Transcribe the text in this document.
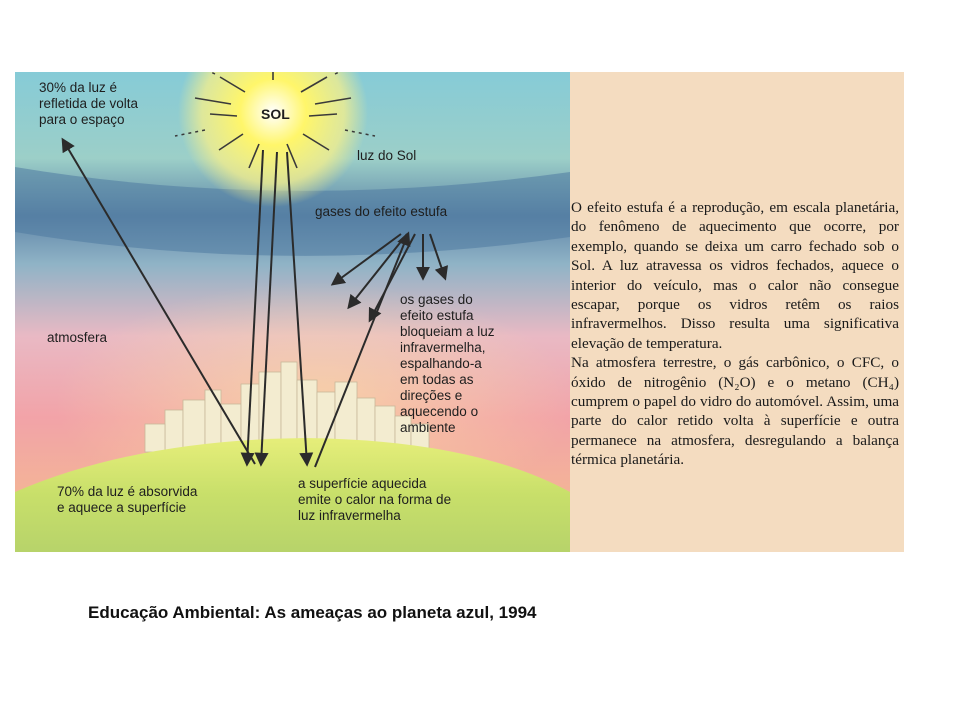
30% da luz é
refletida de volta
para o espaço	SOL
luz do Sol
gases do efeito estufa
atmosfera
os gases do
efeito estufa
bloqueiam a luz
infravermelha,
espalhando-a
em todas as
direções e
aquecendo o
ambiente
70% da luz é absorvida
e aquece a superfície
a superfície aquecida
emite o calor na forma de
luz infravermelha

O efeito estufa é a reprodução, em escala planetária, do fenômeno de aquecimento que ocorre, por exemplo, quando se deixa um carro fechado sob o Sol. A luz atravessa os vidros fechados, aquece o interior do veículo, mas o calor não consegue escapar, porque os vidros retêm os raios infravermelhos. Disso resulta uma significativa elevação de temperatura.

Na atmosfera terrestre, o gás carbônico, o CFC, o óxido de nitrogênio (N₂O) e o metano (CH₄) cumprem o papel do vidro do automóvel. Assim, uma parte do calor retido volta à superfície e outra permanece na atmosfera, desregulando a balança térmica planetária.

Educação Ambiental: As ameaças ao planeta azul, 1994
